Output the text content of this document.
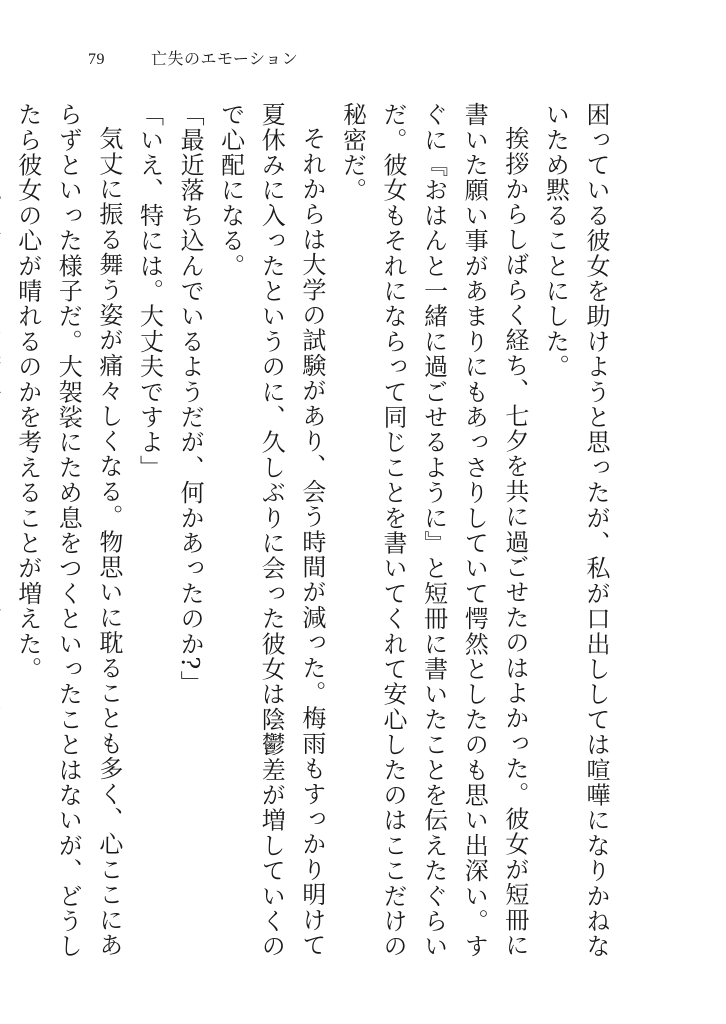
79	亡失のエモーション

困っている彼女を助けようと思ったが、私が口出ししては喧嘩になりかねないため黙ることにした。

挨拶からしばらく経ち、七夕を共に過ごせたのはよかった。彼女が短冊に書いた願い事があまりにもあっさりしていて愕然としたのも思い出深い。すぐに『おはんと一緒に過ごせるように』と短冊に書いたことを伝えたぐらいだ。彼女もそれにならって同じことを書いてくれて安心したのはここだけの秘密だ。

それからは大学の試験があり、会う時間が減った。梅雨もすっかり明けて夏休みに入ったというのに、久しぶりに会った彼女は陰鬱差が増していくので心配になる。

「最近落ち込んでいるようだが、何かあったのか?」

「いえ、特には。大丈夫ですよ」

気丈に振る舞う姿が痛々しくなる。物思いに耽ることも多く、心ここにあらずといった様子だ。大袈裟にため息をつくといったことはないが、どうしたら彼女の心が晴れるのかを考えることが増えた。
